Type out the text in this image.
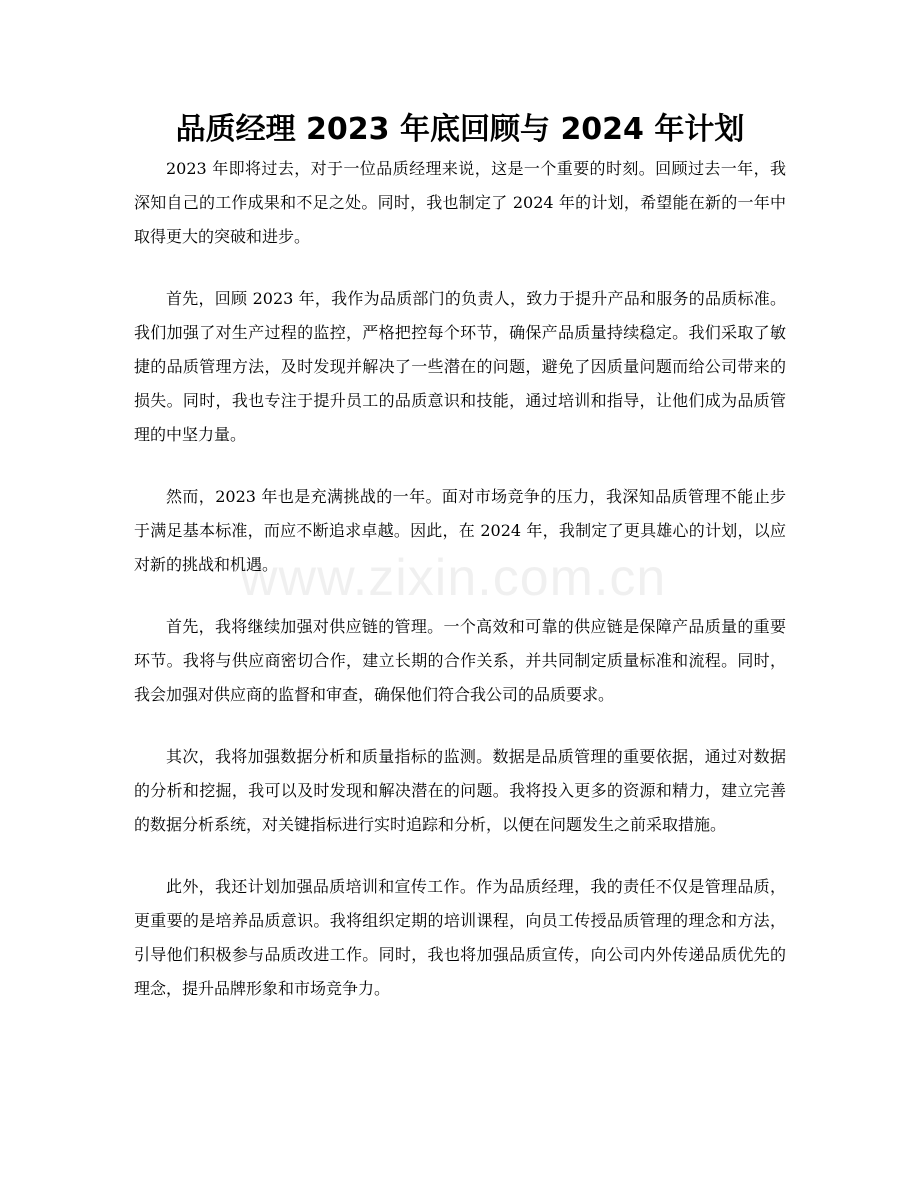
品质经理 2023 年底回顾与 2024 年计划

2023 年即将过去，对于一位品质经理来说，这是一个重要的时刻。回顾过去一年，我深知自己的工作成果和不足之处。同时，我也制定了 2024 年的计划，希望能在新的一年中取得更大的突破和进步。

首先，回顾 2023 年，我作为品质部门的负责人，致力于提升产品和服务的品质标准。我们加强了对生产过程的监控，严格把控每个环节，确保产品质量持续稳定。我们采取了敏捷的品质管理方法，及时发现并解决了一些潜在的问题，避免了因质量问题而给公司带来的损失。同时，我也专注于提升员工的品质意识和技能，通过培训和指导，让他们成为品质管理的中坚力量。

然而，2023 年也是充满挑战的一年。面对市场竞争的压力，我深知品质管理不能止步于满足基本标准，而应不断追求卓越。因此，在 2024 年，我制定了更具雄心的计划，以应对新的挑战和机遇。

首先，我将继续加强对供应链的管理。一个高效和可靠的供应链是保障产品质量的重要环节。我将与供应商密切合作，建立长期的合作关系，并共同制定质量标准和流程。同时，我会加强对供应商的监督和审查，确保他们符合我公司的品质要求。

其次，我将加强数据分析和质量指标的监测。数据是品质管理的重要依据，通过对数据的分析和挖掘，我可以及时发现和解决潜在的问题。我将投入更多的资源和精力，建立完善的数据分析系统，对关键指标进行实时追踪和分析，以便在问题发生之前采取措施。

此外，我还计划加强品质培训和宣传工作。作为品质经理，我的责任不仅是管理品质，更重要的是培养品质意识。我将组织定期的培训课程，向员工传授品质管理的理念和方法，引导他们积极参与品质改进工作。同时，我也将加强品质宣传，向公司内外传递品质优先的理念，提升品牌形象和市场竞争力。

www.zixin.com.cn
